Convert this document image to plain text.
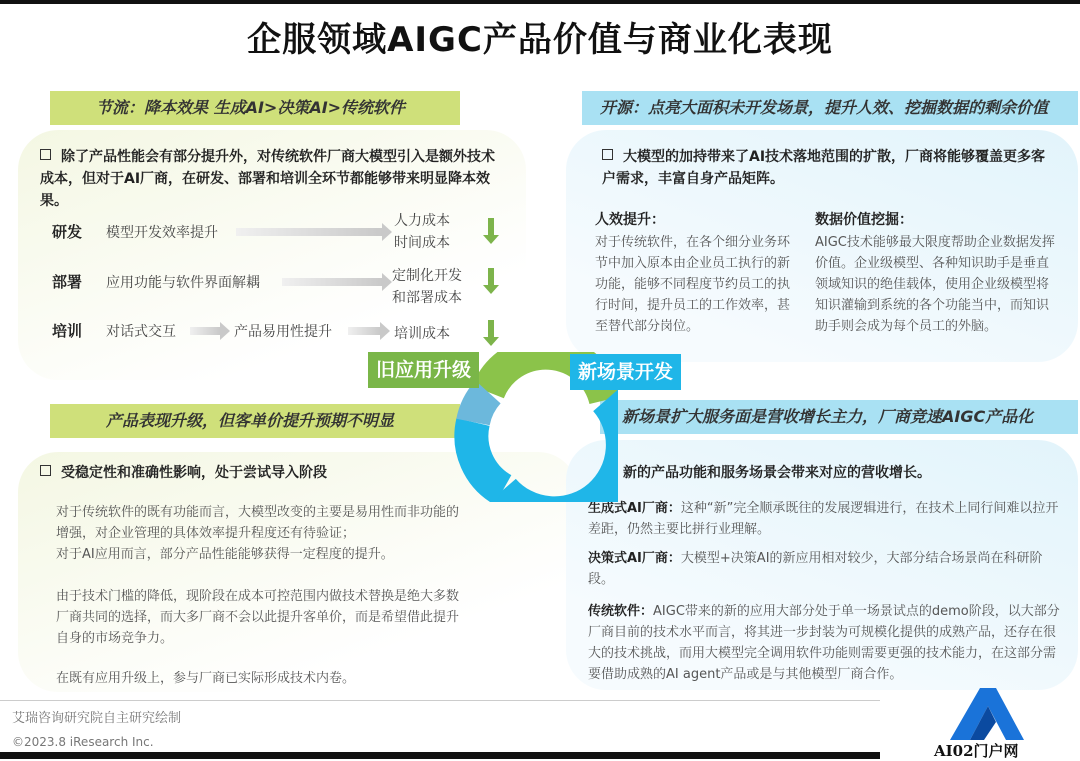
企服领域AIGC产品价值与商业化表现
节流：降本效果 生成AI>决策AI>传统软件
除了产品性能会有部分提升外，对传统软件厂商大模型引入是额外技术成本，但对于AI厂商，在研发、部署和培训全环节都能够带来明显降本效果。
研发 模型开发效率提升
人力成本
时间成本
部署 应用功能与软件界面解耦	定制化开发
和部署成本
培训 对话式交互	产品易用性提升	培训成本
开源：点亮大面积未开发场景，提升人效、挖掘数据的剩余价值
大模型的加持带来了AI技术落地范围的扩散，厂商将能够覆盖更多客户需求，丰富自身产品矩阵。
人效提升：
对于传统软件，在各个细分业务环节中加入原本由企业员工执行的新功能，能够不同程度节约员工的执行时间，提升员工的工作效率，甚至替代部分岗位。
数据价值挖掘：
AIGC技术能够最大限度帮助企业数据发挥价值。企业级模型、各种知识助手是垂直领域知识的绝佳载体，使用企业级模型将知识灌输到系统的各个功能当中，而知识助手则会成为每个员工的外脑。
产品表现升级，但客单价提升预期不明显
受稳定性和准确性影响，处于尝试导入阶段
对于传统软件的既有功能而言，大模型改变的主要是易用性而非功能的增强，对企业管理的具体效率提升程度还有待验证；
对于AI应用而言，部分产品性能能够获得一定程度的提升。
由于技术门槛的降低，现阶段在成本可控范围内做技术替换是绝大多数厂商共同的选择，而大多厂商不会以此提升客单价，而是希望借此提升自身的市场竞争力。
在既有应用升级上，参与厂商已实际形成技术内卷。
新场景扩大服务面是营收增长主力，厂商竞速AIGC产品化
新的产品功能和服务场景会带来对应的营收增长。
生成式AI厂商：这种“新”完全顺承既往的发展逻辑进行，在技术上同行间难以拉开差距，仍然主要比拼行业理解。
决策式AI厂商：大模型+决策AI的新应用相对较少，大部分结合场景尚在科研阶段。
传统软件：AIGC带来的新的应用大部分处于单一场景试点的demo阶段，以大部分厂商目前的技术水平而言，将其进一步封装为可规模化提供的成熟产品，还存在很大的技术挑战，而用大模型完全调用软件功能则需要更强的技术能力，在这部分需要借助成熟的AI agent产品或是与其他模型厂商合作。
旧应用升级	新场景开发
艾瑞咨询研究院自主研究绘制
©2023.8 iResearch Inc.	AI02门户网
